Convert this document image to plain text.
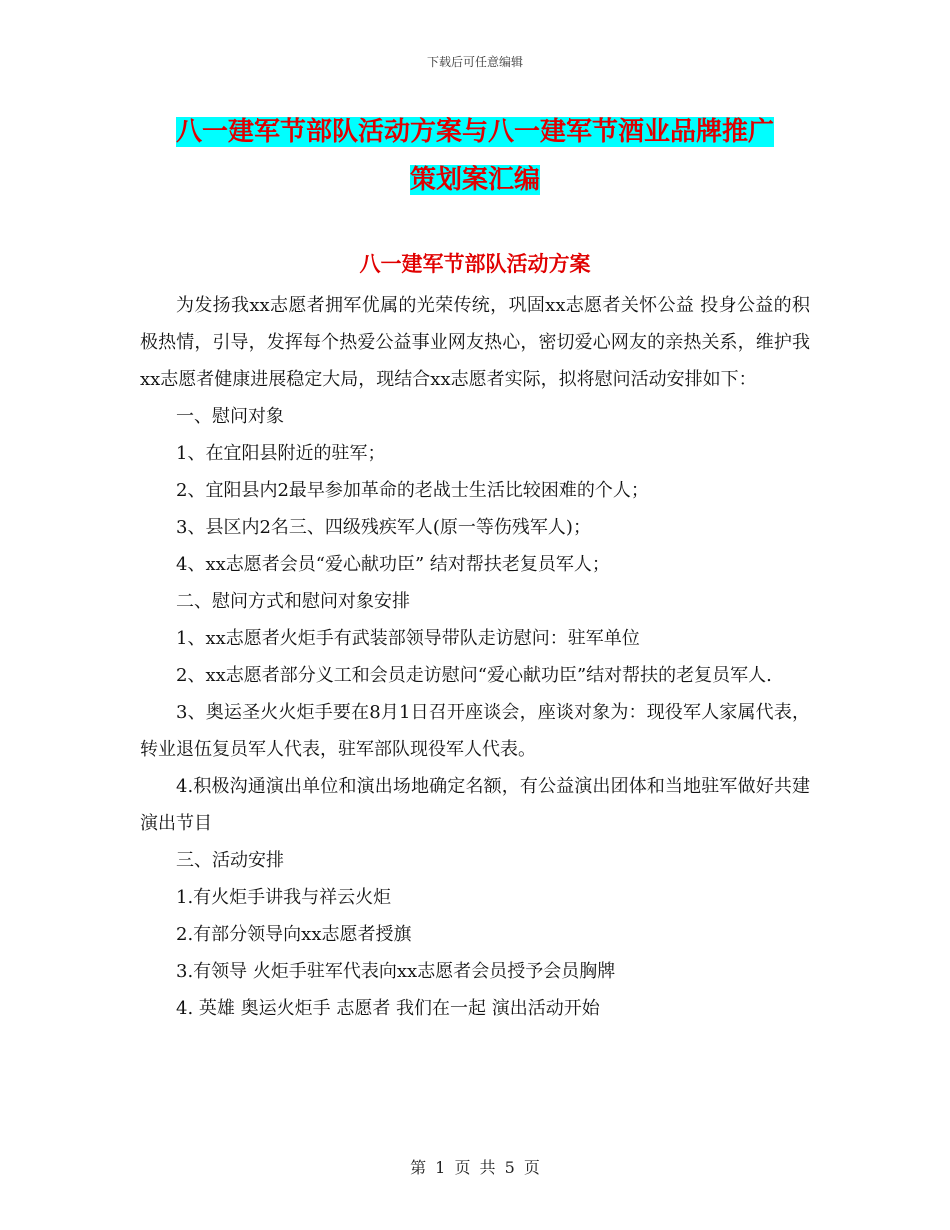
下载后可任意编辑
八一建军节部队活动方案与八一建军节酒业品牌推广
策划案汇编
八一建军节部队活动方案

为发扬我xx志愿者拥军优属的光荣传统，巩固xx志愿者关怀公益 投身公益的积极热情，引导，发挥每个热爱公益事业网友热心，密切爱心网友的亲热关系，维护我xx志愿者健康进展稳定大局，现结合xx志愿者实际，拟将慰问活动安排如下：

一、慰问对象

1、在宜阳县附近的驻军；

2、宜阳县内2最早参加革命的老战士生活比较困难的个人；

3、县区内2名三、四级残疾军人(原一等伤残军人)；

4、xx志愿者会员“爱心献功臣” 结对帮扶老复员军人；

二、慰问方式和慰问对象安排

1、xx志愿者火炬手有武装部领导带队走访慰问：驻军单位

2、xx志愿者部分义工和会员走访慰问“爱心献功臣”结对帮扶的老复员军人.

3、奥运圣火火炬手要在8月1日召开座谈会，座谈对象为：现役军人家属代表，转业退伍复员军人代表，驻军部队现役军人代表。

4.积极沟通演出单位和演出场地确定名额，有公益演出团体和当地驻军做好共建演出节目

三、活动安排

1.有火炬手讲我与祥云火炬

2.有部分领导向xx志愿者授旗

3.有领导 火炬手驻军代表向xx志愿者会员授予会员胸牌

4. 英雄 奥运火炬手 志愿者 我们在一起 演出活动开始

第 1 页 共 5 页
